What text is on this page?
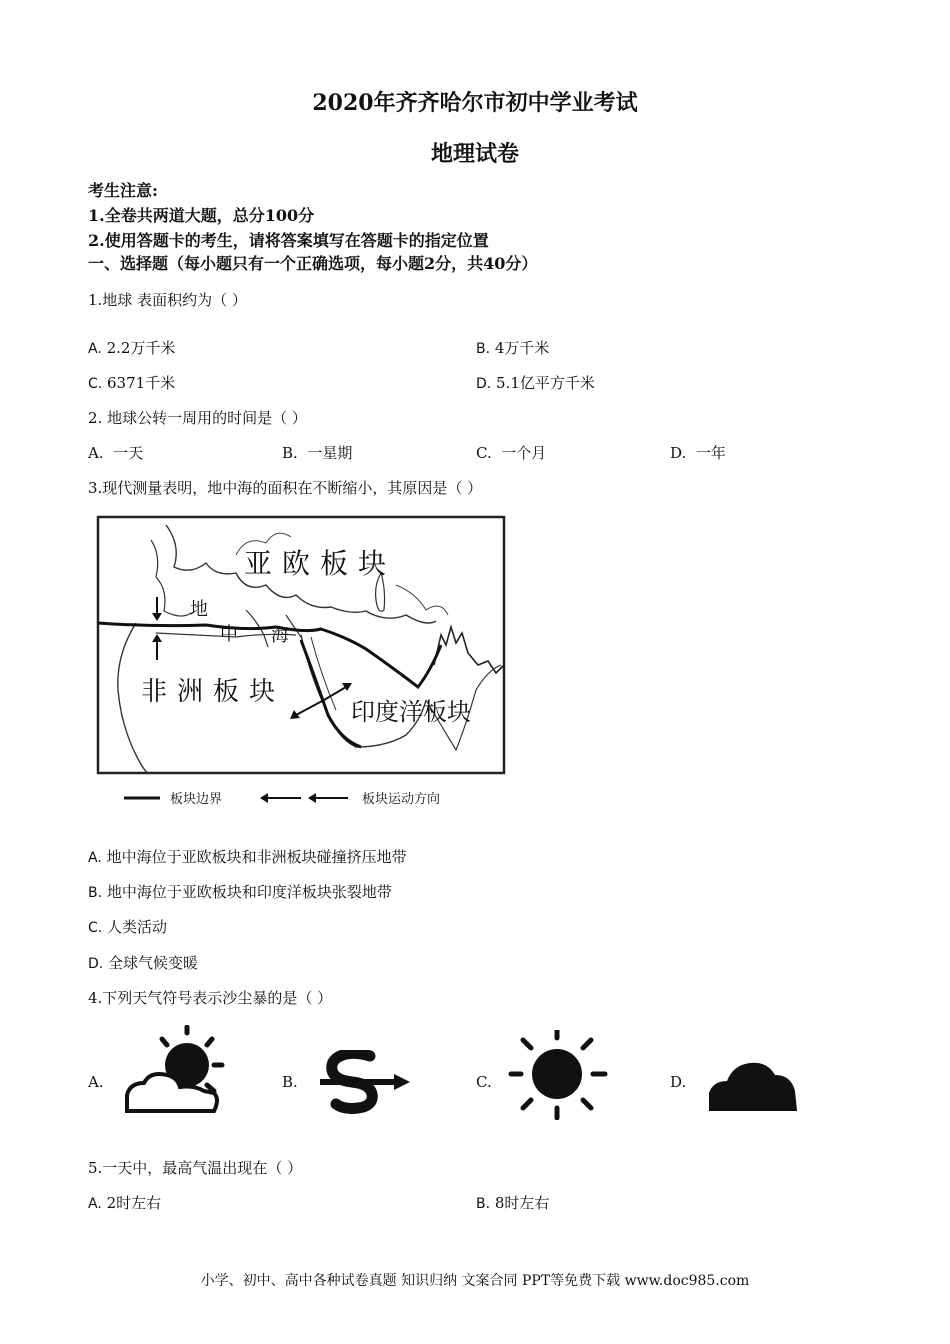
2020年齐齐哈尔市初中学业考试
地理试卷
考生注意:
1.全卷共两道大题，总分100分
2.使用答题卡的考生，请将答案填写在答题卡的指定位置
一、选择题（每小题只有一个正确选项，每小题2分，共40分）
1.地球 表面积约为（ ）
A. 2.2万千米	B. 4万千米
C. 6371千米	D. 5.1亿平方千米
2. 地球公转一周用的时间是（ ）
A. 一天	B. 一星期	C. 一个月	D. 一年
3.现代测量表明，地中海的面积在不断缩小，其原因是（ ）
亚欧板块
非洲板块
印度洋板块
地
中 海
板块边界	板块运动方向
A. 地中海位于亚欧板块和非洲板块碰撞挤压地带
B. 地中海位于亚欧板块和印度洋板块张裂地带
C. 人类活动
D. 全球气候变暖
4.下列天气符号表示沙尘暴的是（ ）
A.	B.	C.	D.
5.一天中，最高气温出现在（ ）
A. 2时左右	B. 8时左右
小学、初中、高中各种试卷真题 知识归纳 文案合同 PPT等免费下载 www.doc985.com
